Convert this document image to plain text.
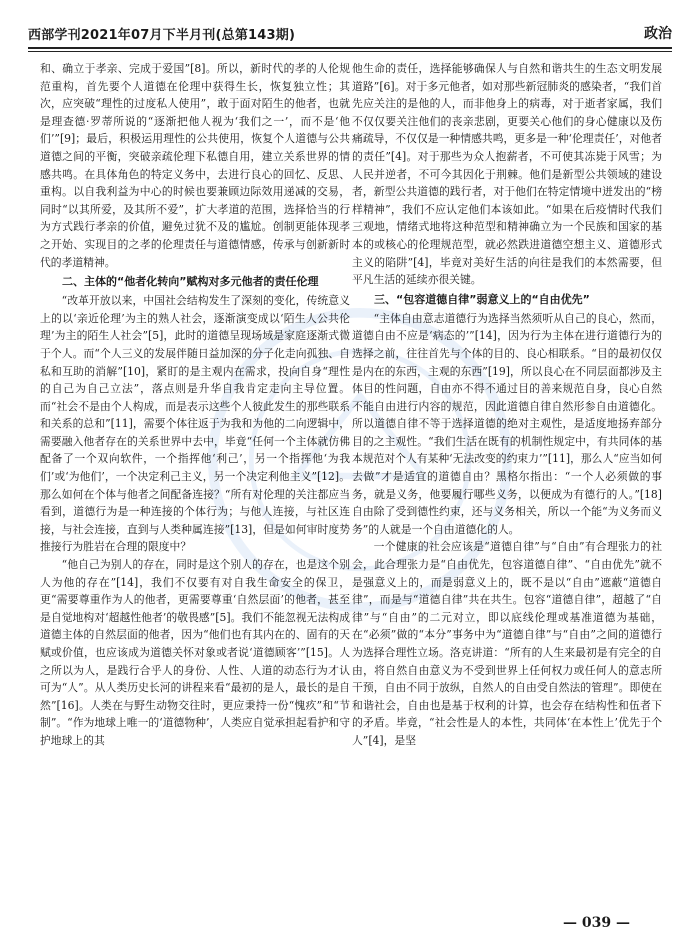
西部学刊2021年07月下半月刊(总第143期)	政治

和、确立于孝亲、完成于爱国”[8]。所以，新时代的孝的人伦规范重构，首先要个人道德在伦理中获得生长，恢复独立性；其次，应突破“理性的过度私人使用”，敢于面对陌生的他者，也就是理查德·罗蒂所说的“逐渐把他人视为‘我们之一’，而不是‘他们’”[9]；最后，积极运用理性的公共使用，恢复个人道德与公共道德之间的平衡，突破亲疏伦理下私德自用，建立关系世界的情感共鸣。在具体角色的特定义务中，去进行良心的回忆、反思、重构。以自我利益为中心的时候也要兼顾边际效用递减的交易，同时“以其所爱，及其所不爱”，扩大孝道的范围，选择恰当的行为方式践行孝亲的价值，避免过犹不及的尴尬。创制更能体现孝之开始、实现目的之孝的伦理责任与道德情感，传承与创新新时代的孝道精神。

二、主体的“他者化转向”赋构对多元他者的责任伦理

“改革开放以来，中国社会结构发生了深刻的变化，传统意义上的以‘亲近伦理’为主的熟人社会，逐渐演变成以‘陌生人公共伦理’为主的陌生人社会”[5]，此时的道德呈现场域是家庭逐渐式微于个人。而“个人三义的发展伴随日益加深的分子化走向孤独、自私和互助的消解”[10]，紧盯的是主观内在需求，投向自身“理性的自己为自己立法”，落点则是升华自我肯定走向主导位置。而“社会不是由个人构成，而是表示这些个人彼此发生的那些联系和关系的总和”[11]，需要个体往返于为我和为他的二向逻辑中，需要融入他者存在的关系世界中去中，毕竟“任何一个主体就仿佛配备了一个双向软件，一个指挥他‘利己’，另一个指挥他‘为我们’或‘为他们’，一个决定利己主义，另一个决定利他主义”[12]。那么如何在个体与他者之间配备连接？“所有对伦理的关注都应当看到，道德行为是一种连接的个体行为；与他人连接，与社区连接，与社会连接，直到与人类种属连接”[13]，但是如何审时度势推接行为胜岩在合理的限度中？

“他自己为别人的存在，同时是这个别人的存在，也是这个别人为他的存在”[14]，我们不仅要有对自我生命安全的保卫，更“需要尊重作为人的他者，更需要尊重‘自然层面’的他者，甚至是自觉地构对‘超越性他者’的敬畏感”[5]。我们不能忽视无法构成道德主体的自然层面的他者，因为“他们也有其内在的、固有的天赋或价值，也应该成为道德关怀对象或者说‘道德顾客’”[15]。人之所以为人，是践行合乎人的身份、人性、人道的动态行为才认可为“人”。从人类历史长河的讲程来看“最初的是人，最长的是自然”[16]。人类在与野生动物交往时，更应秉持一份“愧疚”和“节制”。“作为地球上唯一的‘道德物种’，人类应自觉承担起看护和守护地球上的其

他生命的责任，选择能够确保人与自然和谐共生的生态文明发展道路”[6]。对于多元他者，如对那些新冠肺炎的感染者，“我们首先应关注的是他的人，而非他身上的病毒，对于逝者家属，我们不仅仅要关注他们的丧亲悲剧，更要关心他们的身心健康以及伤痛疏导，不仅仅是一种情感共鸣，更多是一种‘伦理责任’，对他者的责任”[4]。对于那些为众人抱薪者，不可使其冻毙于风雪；为人民并逆者，不可今其因化于荆棘。他们是新型公共领域的建设者，新型公共道德的践行者，对于他们在特定情境中迸发出的“榜样精神”，我们不应认定他们本该如此。“如果在后疫情时代我们三观地，情绪式地将这种范型和精神确立为一个民族和国家的基本的或核心的伦理规范型，就必然跌进道德空想主义、道德形式主义的陷阱”[4]，毕竟对美好生活的向往是我们的本然需要，但平凡生活的延续亦很关键。

三、“包容道德自律”弱意义上的“自由优先”

“主体自由意志道德行为选择当然须听从自己的良心，然而，道德自由不应是‘病态的’”[14]，因为行为主体在进行道德行为的选择之前，往往首先与个体的目的、良心相联系。“目的最初仅仅是内在的东西，主观的东西”[19]，所以良心在不同层面都涉及主体目的性问题，自由亦不得不通过目的善来规范自身，良心自然不能自由进行内容的规范，因此道德自律自然形参自由道德化。所以道德自律不等于选择道德的绝对主观性，是适度地扬弃部分目的之主观性。“我们生活在既有的机制性规定中，有共同体的基本规范对个人有某种‘无法改变的约束力’”[11]，那么人“应当如何去做”才是适宜的道德自由？黑格尔指出：“一个人必须做的事务，就是义务，他要履行哪些义务，以便成为有德行的人。”[18]自由除了受到德性约束，还与义务相关，所以一个能“为义务而义务”的人就是一个自由道德化的人。

一个健康的社会应该是“道德自律”与“自由”有合理张力的社会，此合理张力是“自由优先，包容道德自律”、“自由优先”就不是强意义上的，而是弱意义上的，既不是以“自由”遮蔽“道德自律”，而是与“道德自律”共在共生。包容“道德自律”，超越了“自律”与“自由”的二元对立，即以底线伦理或基准道德为基础，在“必须”做的“本分”事务中为“道德自律”与“自由”之间的道德行为选择合理性立场。洛克讲道：“所有的人生来最初是有完全的自由，将自然自由意义为不受到世界上任何权力或任何人的意志所干预，自由不同于放纵，自然人的自由受自然法的管理”。即使在和谐社会，自由也是基于权利的计算，也会存在结构性和伍者下的矛盾。毕竟，“社会性是人的本性，共同体‘在本性上’优先于个人”[4]，是坚

— 039 —
